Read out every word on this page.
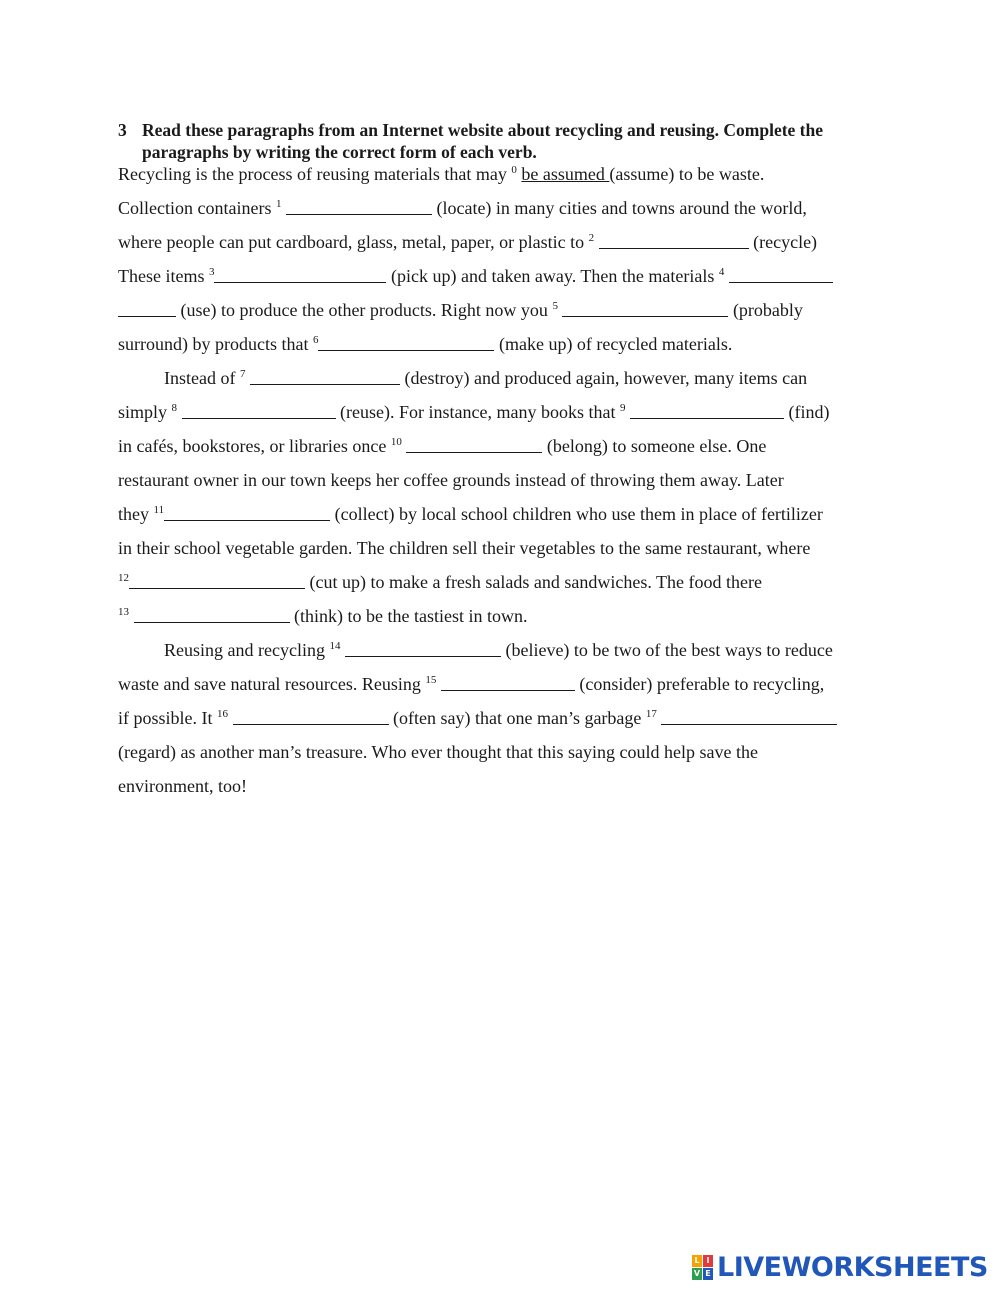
3 Read these paragraphs from an Internet website about recycling and reusing. Complete the paragraphs by writing the correct form of each verb.
Recycling is the process of reusing materials that may $^0$ be assumed (assume) to be waste.
Collection containers $^1$	(locate) in many cities and towns around the world,
where people can put cardboard, glass, metal, paper, or plastic to $^2$	(recycle)
These items $^3$	(pick up) and taken away. Then the materials $^4$
(use) to produce the other products. Right now you $^5$	(probably
surround) by products that $^6$	(make up) of recycled materials.
Instead of $^7$	(destroy) and produced again, however, many items can
simply $^8$	(reuse). For instance, many books that $^9$	(find)
in cafés, bookstores, or libraries once $^{10}$	(belong) to someone else. One
restaurant owner in our town keeps her coffee grounds instead of throwing them away. Later
they $^{11}$	(collect) by local school children who use them in place of fertilizer
in their school vegetable garden. The children sell their vegetables to the same restaurant, where
$^{12}$	(cut up) to make a fresh salads and sandwiches. The food there
$^{13}$	(think) to be the tastiest in town.
Reusing and recycling $^{14}$	(believe) to be two of the best ways to reduce
waste and save natural resources. Reusing $^{15}$	(consider) preferable to recycling,
if possible. It $^{16}$	(often say) that one man’s garbage $^{17}$
(regard) as another man’s treasure. Who ever thought that this saying could help save the
environment, too!
L I
V E LIVEWORKSHEETS
